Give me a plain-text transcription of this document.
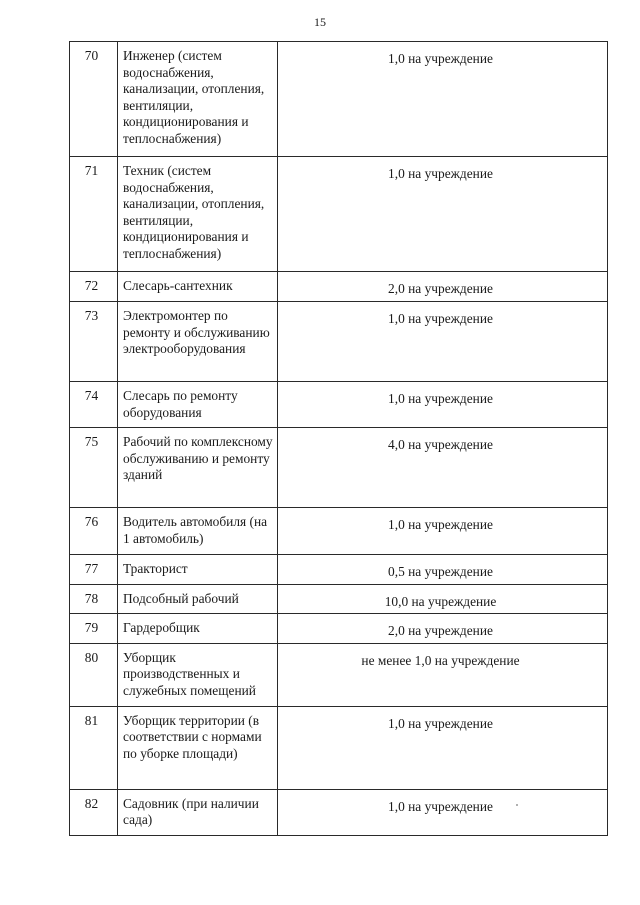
15
70	Инженер (систем водоснабжения, канализации, отопления, вентиляции, кондиционирования и теплоснабжения)	1,0 на учреждение
71	Техник (систем водоснабжения, канализации, отопления, вентиляции, кондиционирования и теплоснабжения)	1,0 на учреждение
72	Слесарь-сантехник	2,0 на учреждение
73	Электромонтер по ремонту и обслуживанию электрооборудования	1,0 на учреждение
74	Слесарь по ремонту оборудования	1,0 на учреждение
75	Рабочий по комплексному обслуживанию и ремонту зданий	4,0 на учреждение
76	Водитель автомобиля (на 1 автомобиль)	1,0 на учреждение
77	Тракторист	0,5 на учреждение
78	Подсобный рабочий	10,0 на учреждение
79	Гардеробщик	2,0 на учреждение
80	Уборщик производственных и служебных помещений	не менее 1,0 на учреждение
81	Уборщик территории (в соответствии с нормами по уборке площади)	1,0 на учреждение
82	Садовник (при наличии сада)	1,0 на учреждение
